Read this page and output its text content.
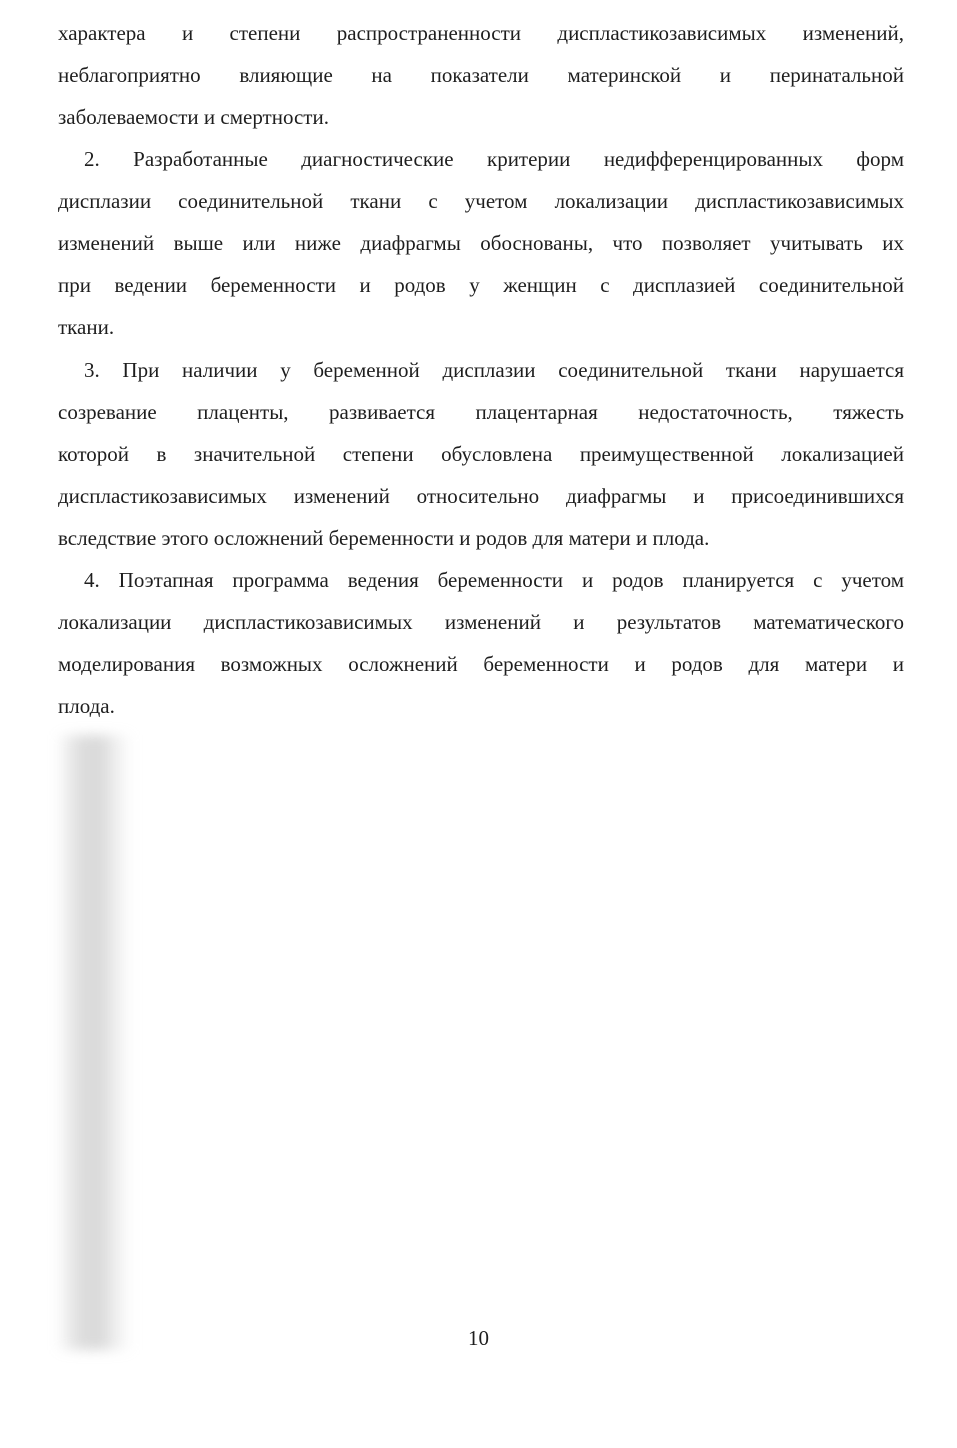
характера и степени распространенности диспластикозависимых изменений,
неблагоприятно влияющие на показатели материнской и перинатальной
заболеваемости и смертности.
2. Разработанные диагностические критерии недифференцированных форм
дисплазии соединительной ткани с учетом локализации диспластикозависимых
изменений выше или ниже диафрагмы обоснованы, что позволяет учитывать их
при ведении беременности и родов у женщин с дисплазией соединительной
ткани.
3. При наличии у беременной дисплазии соединительной ткани нарушается
созревание плаценты, развивается плацентарная недостаточность, тяжесть
которой в значительной степени обусловлена преимущественной локализацией
диспластикозависимых изменений относительно диафрагмы и присоединившихся
вследствие этого осложнений беременности и родов для матери и плода.
4. Поэтапная программа ведения беременности и родов планируется с учетом
локализации диспластикозависимых изменений и результатов математического
моделирования возможных осложнений беременности и родов для матери и
плода.
10
